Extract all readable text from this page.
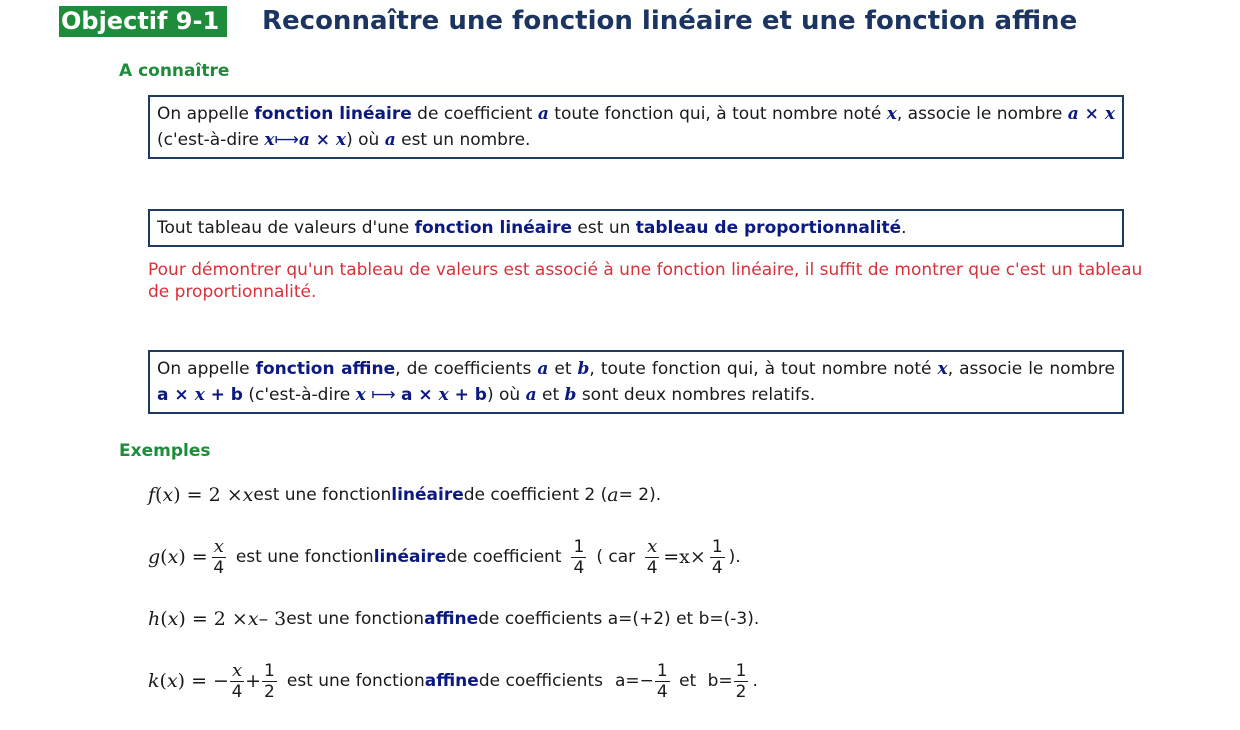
Objectif 9-1	Reconnaître une fonction linéaire et une fonction affine
A connaître
On appelle fonction linéaire de coefficient a toute fonction qui, à tout nombre noté x, associe le nombre a × x (c'est-à-dire x⟼a × x) où a est un nombre.
Tout tableau de valeurs d'une fonction linéaire est un tableau de proportionnalité.
Pour démontrer qu'un tableau de valeurs est associé à une fonction linéaire, il suffit de montrer que c'est un tableau de proportionnalité.
On appelle fonction affine, de coefficients a et b, toute fonction qui, à tout nombre noté x, associe le nombre a × x + b (c'est-à-dire x ⟼ a × x + b) où a et b sont deux nombres relatifs.
Exemples
f ( x ) = 2 × x est une fonction linéaire de coefficient 2 ( a = 2).
g ( x ) = $\frac{x}{4}$ est une fonction linéaire de coefficient $\frac{1}{4}$ ( car $\frac{x}{4} =x\times \frac{1}{4}$ ).
h ( x ) = 2 × x – 3 est une fonction affine de coefficients a=(+2) et b=(-3).
k ( x ) = − $\frac{x}{4} + \frac{1}{2}$ est une fonction affine de coefficients $a=- \frac{1}{4}$ et $b= \frac{1}{2}$ .
